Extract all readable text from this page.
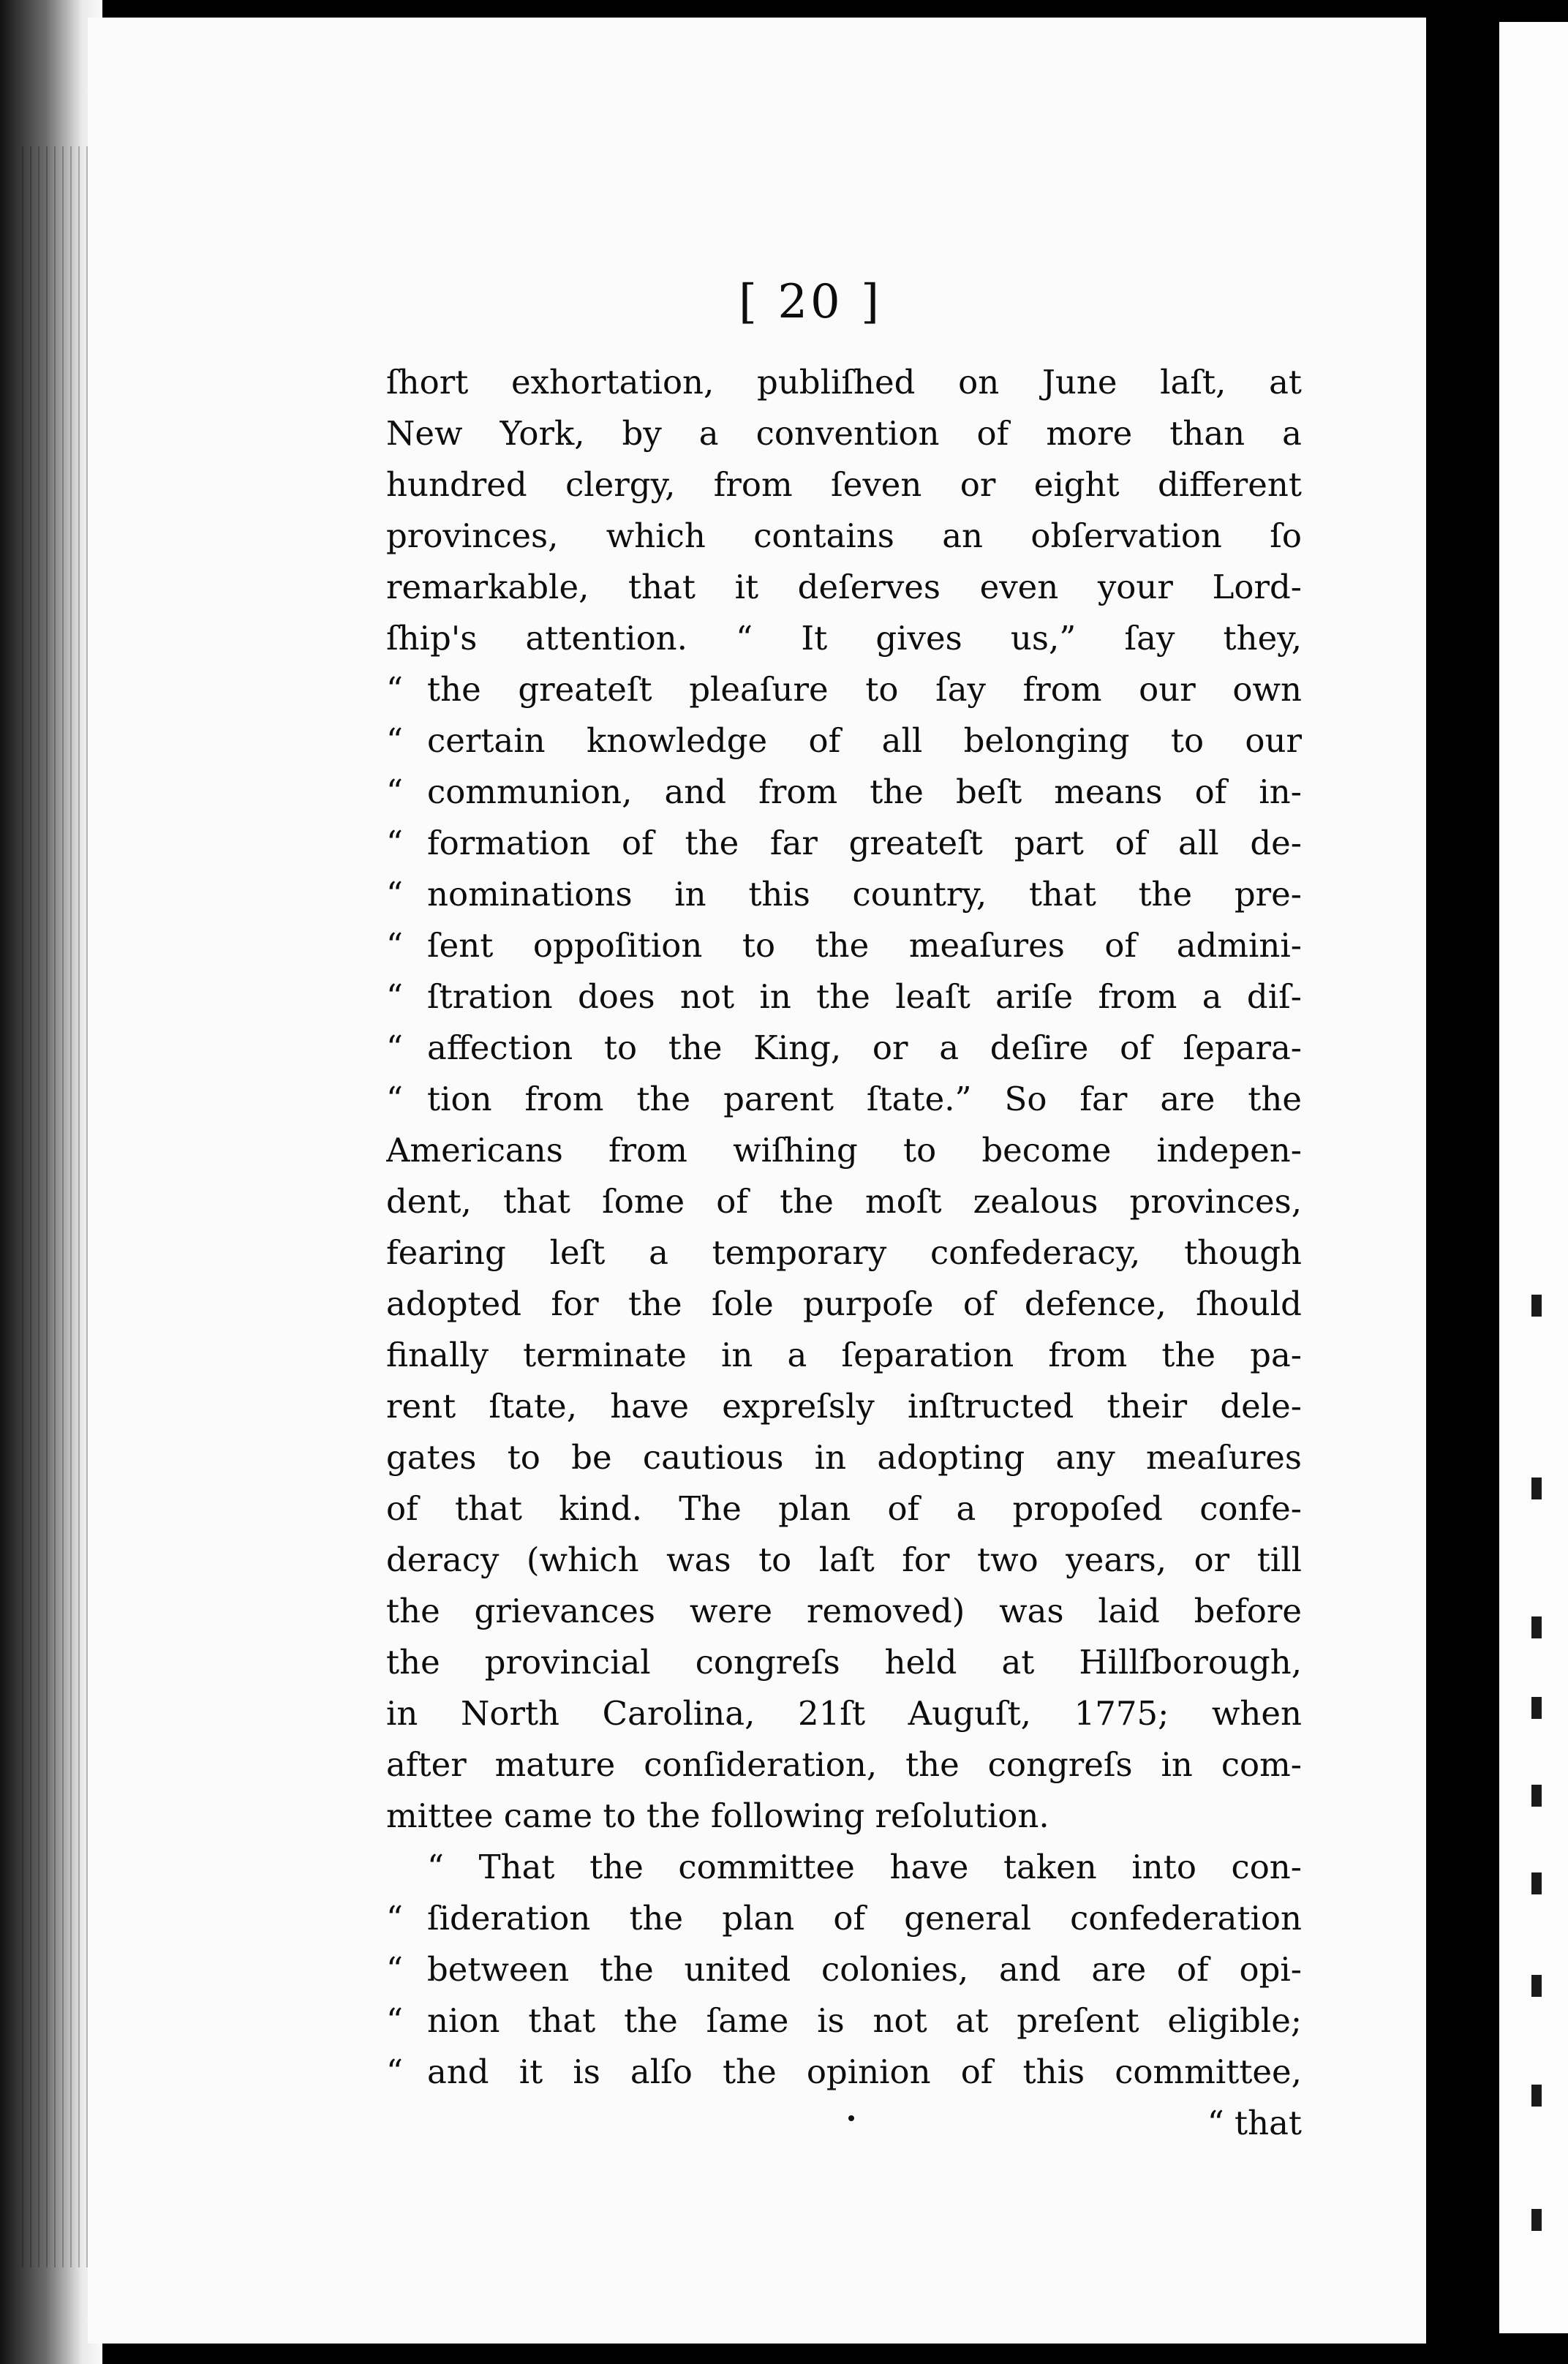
[ 20 ]
ſhort exhortation, publiſhed on June laſt, at
New York, by a convention of more than a
hundred clergy, from ſeven or eight different
provinces, which contains an obſervation ſo
remarkable, that it deſerves even your Lord-
ſhip's attention. “ It gives us,” ſay they,
“ the greateſt pleaſure to ſay from our own
“ certain knowledge of all belonging to our
“ communion, and from the beſt means of in-
“ formation of the far greateſt part of all de-
“ nominations in this country, that the pre-
“ ſent oppoſition to the meaſures of admini-
“ ſtration does not in the leaſt ariſe from a diſ-
“ affection to the King, or a deſire of ſepara-
“ tion from the parent ſtate.” So far are the
Americans from wiſhing to become indepen-
dent, that ſome of the moſt zealous provinces,
fearing leſt a temporary confederacy, though
adopted for the ſole purpoſe of defence, ſhould
finally terminate in a ſeparation from the pa-
rent ſtate, have expreſsly inſtructed their dele-
gates to be cautious in adopting any meaſures
of that kind. The plan of a propoſed confe-
deracy (which was to laſt for two years, or till
the grievances were removed) was laid before
the provincial congreſs held at Hillſborough,
in North Carolina, 21ſt Auguſt, 1775; when
after mature conſideration, the congreſs in com-
mittee came to the following reſolution.
“ That the committee have taken into con-
“ ſideration the plan of general confederation
“ between the united colonies, and are of opi-
“ nion that the ſame is not at preſent eligible;
“ and it is alſo the opinion of this committee,
“ that
